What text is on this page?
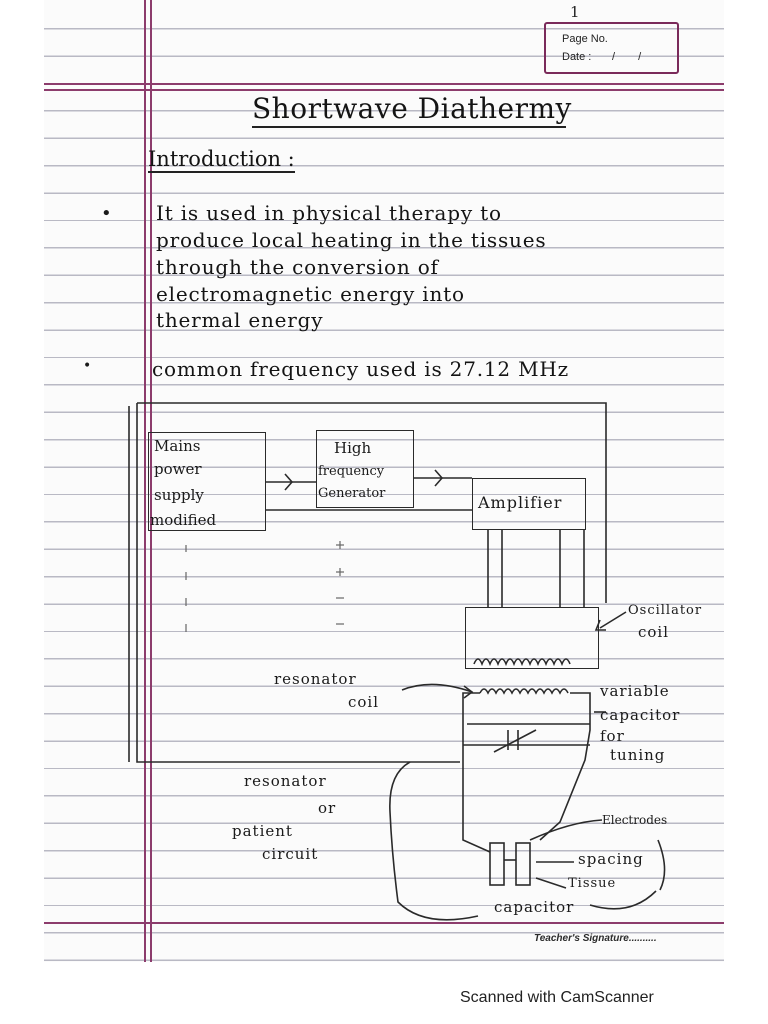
1
Page No.
Date : / /
Shortwave Diathermy
Introduction :
• It is used in physical therapy to
produce local heating in the tissues
through the conversion of
electromagnetic energy into
thermal energy
•	common frequency used is 27.12 MHz
Mains
power
supply
modified
High
frequency
Generator	Amplifier
Oscillator
coil
resonator
coil
variable
capacitor
for
tuning
resonator
or
patient
circuit
Electrodes
spacing
Tissue
capacitor
Teacher's Signature..........
Scanned with CamScanner
